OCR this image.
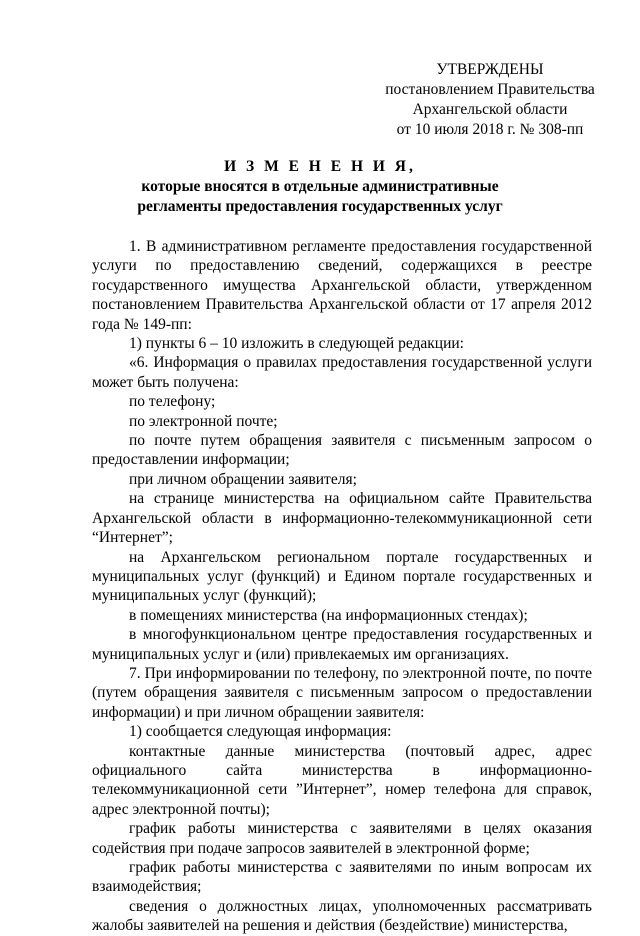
УТВЕРЖДЕНЫ
постановлением Правительства
Архангельской области
от 10 июля 2018 г. № 308-пп
И З М Е Н Е Н И Я,
которые вносятся в отдельные административные
регламенты предоставления государственных услуг

1. В административном регламенте предоставления государственной услуги по предоставлению сведений, содержащихся в реестре государственного имущества Архангельской области, утвержденном постановлением Правительства Архангельской области от 17 апреля 2012 года № 149-пп:

1) пункты 6 – 10 изложить в следующей редакции:

«6. Информация о правилах предоставления государственной услуги может быть получена:

по телефону;

по электронной почте;

по почте путем обращения заявителя с письменным запросом о предоставлении информации;

при личном обращении заявителя;

на странице министерства на официальном сайте Правительства Архангельской области в информационно-телекоммуникационной сети “Интернет”;

на Архангельском региональном портале государственных и муниципальных услуг (функций) и Едином портале государственных и муниципальных услуг (функций);

в помещениях министерства (на информационных стендах);

в многофункциональном центре предоставления государственных и муниципальных услуг и (или) привлекаемых им организациях.

7. При информировании по телефону, по электронной почте, по почте (путем обращения заявителя с письменным запросом о предоставлении информации) и при личном обращении заявителя:

1) сообщается следующая информация:

контактные данные министерства (почтовый адрес, адрес официального сайта министерства в информационно-телекоммуникационной сети ”Интернет”, номер телефона для справок, адрес электронной почты);

график работы министерства с заявителями в целях оказания содействия при подаче запросов заявителей в электронной форме;

график работы министерства с заявителями по иным вопросам их взаимодействия;

сведения о должностных лицах, уполномоченных рассматривать жалобы заявителей на решения и действия (бездействие) министерства,
